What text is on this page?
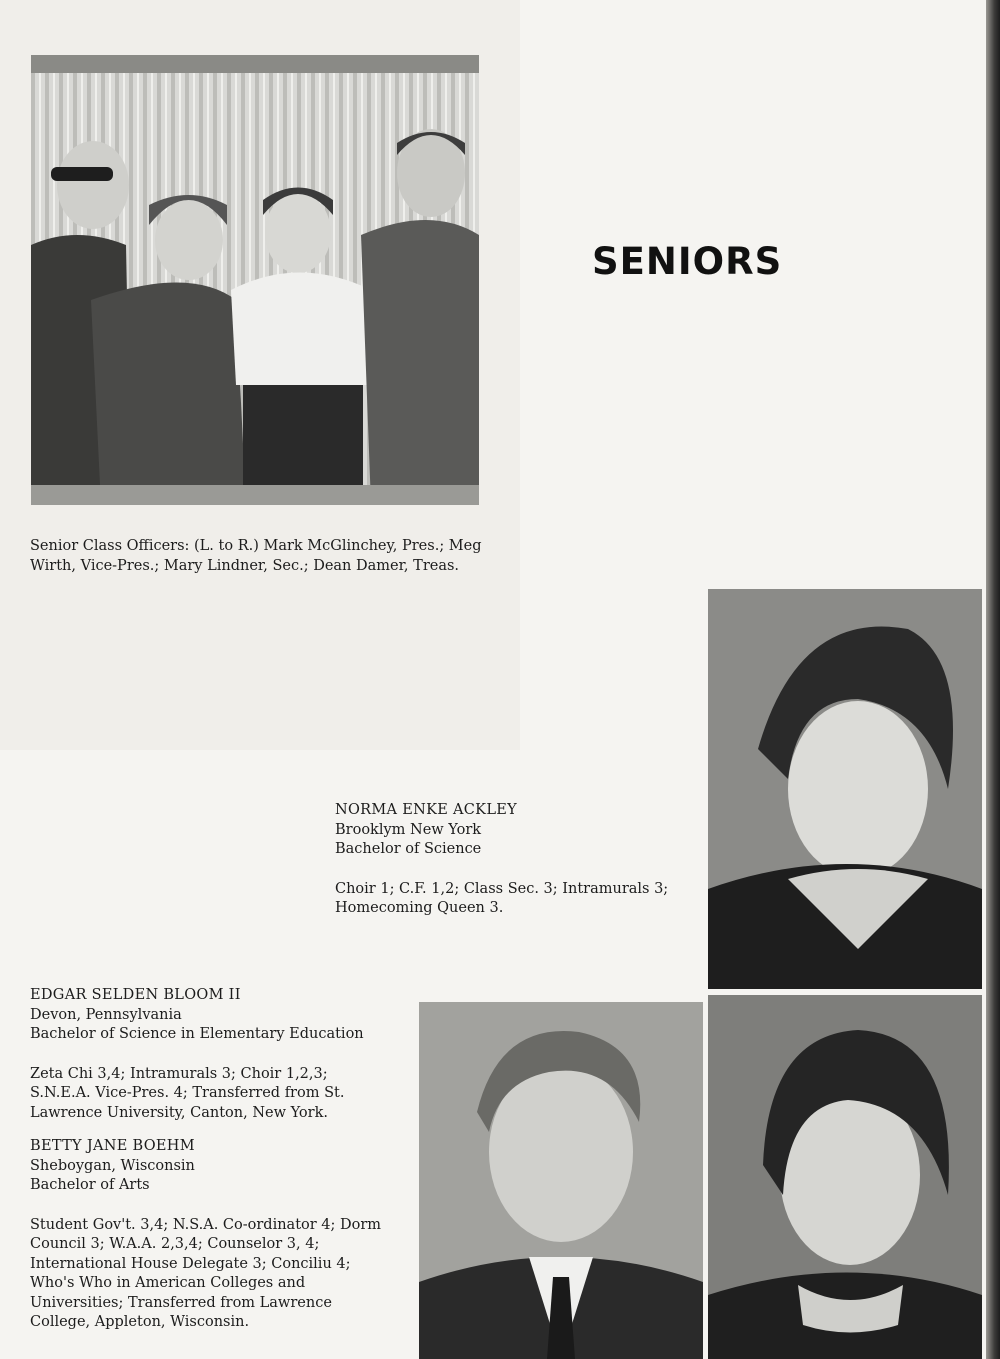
SENIORS
Senior Class Officers: (L. to R.) Mark McGlinchey, Pres.; Meg Wirth, Vice-Pres.; Mary Lindner, Sec.; Dean Damer, Treas.

NORMA ENKE ACKLEY

Brooklym New York

Bachelor of Science

Choir 1; C.F. 1,2; Class Sec. 3; Intramurals 3; Homecoming Queen 3.

EDGAR SELDEN BLOOM II

Devon, Pennsylvania

Bachelor of Science in Elementary Education

Zeta Chi 3,4; Intramurals 3; Choir 1,2,3; S.N.E.A. Vice-Pres. 4; Transferred from St. Lawrence University, Canton, New York.

BETTY JANE BOEHM

Sheboygan, Wisconsin

Bachelor of Arts

Student Gov't. 3,4; N.S.A. Co-ordinator 4; Dorm Council 3; W.A.A. 2,3,4; Counselor 3, 4; International House Delegate 3; Conciliu 4; Who's Who in American Colleges and Universities; Transferred from Lawrence College, Appleton, Wisconsin.
